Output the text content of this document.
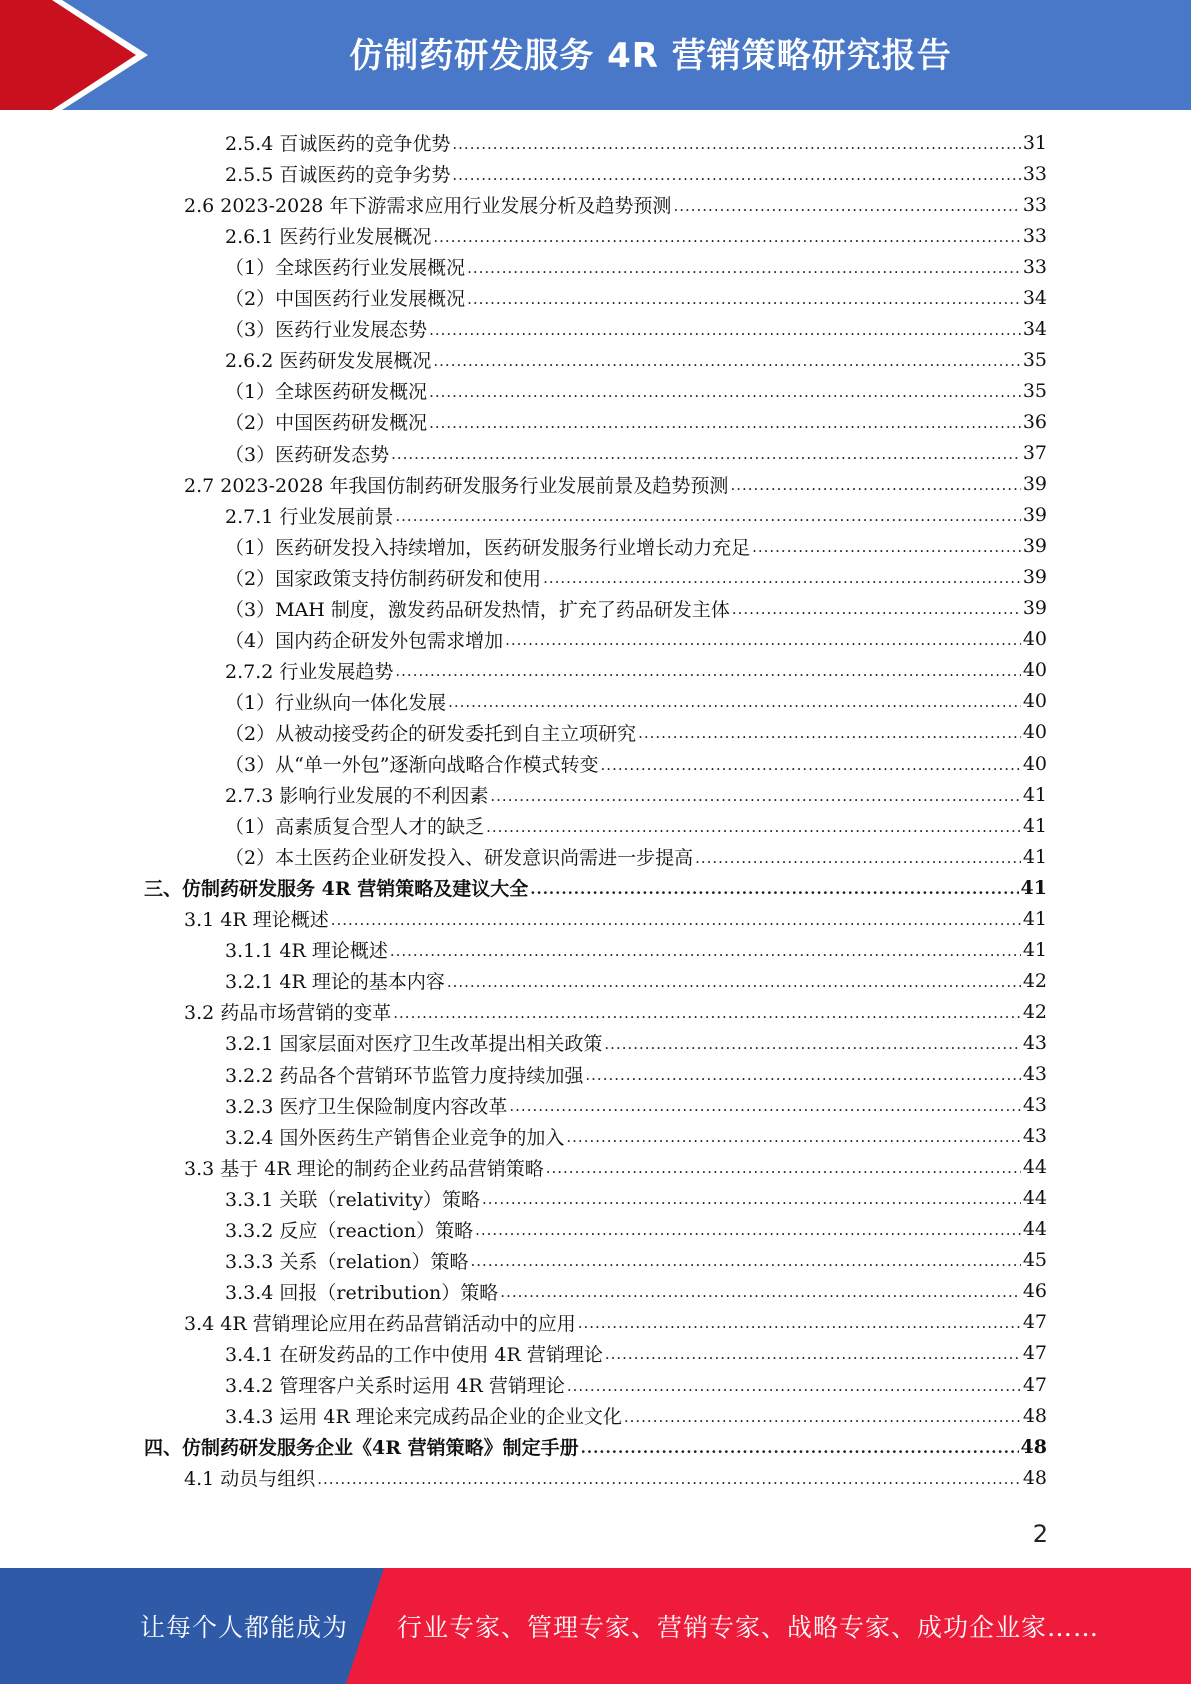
仿制药研发服务 4R 营销策略研究报告
2.5.4 百诚医药的竞争优势 .....	31
2.5.5 百诚医药的竞争劣势 .....	33
2.6 2023-2028 年下游需求应用行业发展分析及趋势预测 .....	33
2.6.1 医药行业发展概况 .....	33
（1）全球医药行业发展概况 .....	33
（2）中国医药行业发展概况 .....	34
（3）医药行业发展态势 .....	34
2.6.2 医药研发发展概况 .....	35
（1）全球医药研发概况 .....	35
（2）中国医药研发概况 .....	36
（3）医药研发态势 .....	37
2.7 2023-2028 年我国仿制药研发服务行业发展前景及趋势预测 .....	39
2.7.1 行业发展前景 .....	39
（1）医药研发投入持续增加，医药研发服务行业增长动力充足 .....	39
（2）国家政策支持仿制药研发和使用 .....	39
（3）MAH 制度，激发药品研发热情，扩充了药品研发主体 .....	39
（4）国内药企研发外包需求增加 .....	40
2.7.2 行业发展趋势 .....	40
（1）行业纵向一体化发展 .....	40
（2）从被动接受药企的研发委托到自主立项研究 .....	40
（3）从“单一外包”逐渐向战略合作模式转变 .....	40
2.7.3 影响行业发展的不利因素 .....	41
（1）高素质复合型人才的缺乏 .....	41
（2）本土医药企业研发投入、研发意识尚需进一步提高 .....	41
三、仿制药研发服务 4R 营销策略及建议大全 .....	41
3.1 4R 理论概述 .....	41
3.1.1 4R 理论概述 .....	41
3.2.1 4R 理论的基本内容 .....	42
3.2 药品市场营销的变革 .....	42
3.2.1 国家层面对医疗卫生改革提出相关政策 .....	43
3.2.2 药品各个营销环节监管力度持续加强 .....	43
3.2.3 医疗卫生保险制度内容改革 .....	43
3.2.4 国外医药生产销售企业竞争的加入 .....	43
3.3 基于 4R 理论的制药企业药品营销策略 .....	44
3.3.1 关联（relativity）策略 .....	44
3.3.2 反应（reaction）策略 .....	44
3.3.3 关系（relation）策略 .....	45
3.3.4 回报（retribution）策略 .....	46
3.4 4R 营销理论应用在药品营销活动中的应用 .....	47
3.4.1 在研发药品的工作中使用 4R 营销理论 .....	47
3.4.2 管理客户关系时运用 4R 营销理论 .....	47
3.4.3 运用 4R 理论来完成药品企业的企业文化 .....	48
四、仿制药研发服务企业《4R 营销策略》制定手册 .....	48
4.1 动员与组织 .....	48
2
让每个人都能成为 行业专家、管理专家、营销专家、战略专家、成功企业家……
